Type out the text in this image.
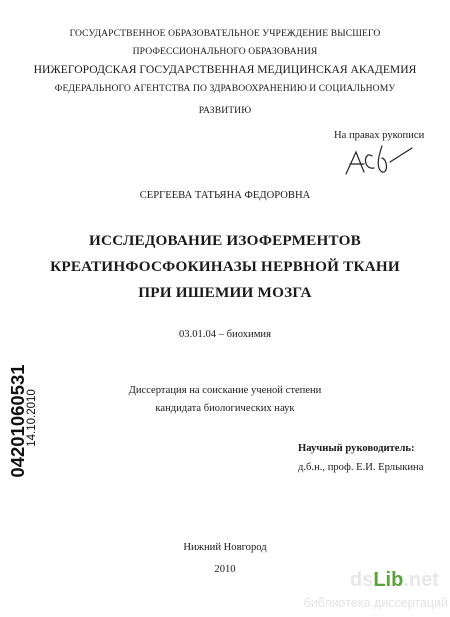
ГОСУДАРСТВЕННОЕ ОБРАЗОВАТЕЛЬНОЕ УЧРЕЖДЕНИЕ ВЫСШЕГО
ПРОФЕССИОНАЛЬНОГО ОБРАЗОВАНИЯ
НИЖЕГОРОДСКАЯ ГОСУДАРСТВЕННАЯ МЕДИЦИНСКАЯ АКАДЕМИЯ
ФЕДЕРАЛЬНОГО АГЕНТСТВА ПО ЗДРАВООХРАНЕНИЮ И СОЦИАЛЬНОМУ
РАЗВИТИЮ
На правах рукописи
СЕРГЕЕВА ТАТЬЯНА ФЕДОРОВНА
ИССЛЕДОВАНИЕ ИЗОФЕРМЕНТОВ
КРЕАТИНФОСФОКИНАЗЫ НЕРВНОЙ ТКАНИ
ПРИ ИШЕМИИ МОЗГА
03.01.04 – биохимия
Диссертация на соискание ученой степени
кандидата биологических наук
Научный руководитель:
д.б.н., проф. Е.И. Ерлыкина
Нижний Новгород
2010
04201060531
14.10.2010
dsLib.net
библиотека диссертаций
